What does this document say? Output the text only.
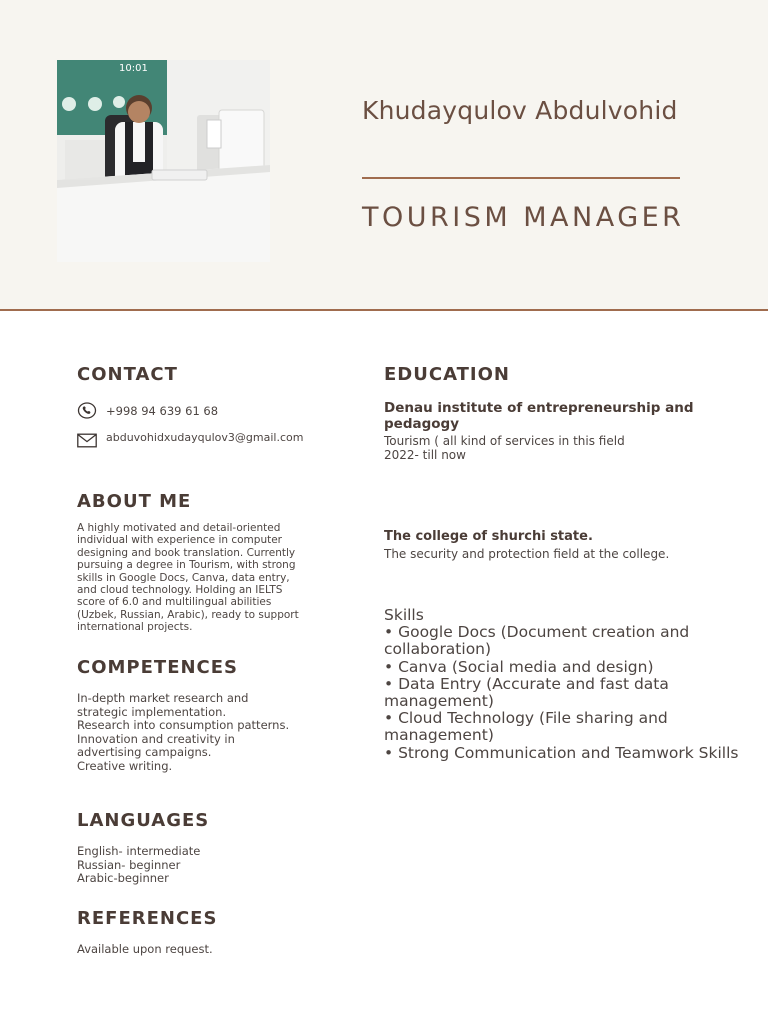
10:01
Khudayqulov Abdulvohid
TOURISM MANAGER
CONTACT
+998 94 639 61 68
abduvohidxudayqulov3@gmail.com
ABOUT ME
A highly motivated and detail-oriented
individual with experience in computer
designing and book translation. Currently
pursuing a degree in Tourism, with strong
skills in Google Docs, Canva, data entry,
and cloud technology. Holding an IELTS
score of 6.0 and multilingual abilities
(Uzbek, Russian, Arabic), ready to support
international projects.
COMPETENCES
In-depth market research and
strategic implementation.
Research into consumption patterns.
Innovation and creativity in
advertising campaigns.
Creative writing.
LANGUAGES
English- intermediate
Russian- beginner
Arabic-beginner
REFERENCES
Available upon request.
EDUCATION
Denau institute of entrepreneurship and
pedagogy
Tourism ( all kind of services in this field
2022- till now
The college of shurchi state.
The security and protection field at the college.
Skills
• Google Docs (Document creation and
collaboration)
• Canva (Social media and design)
• Data Entry (Accurate and fast data
management)
• Cloud Technology (File sharing and
management)
• Strong Communication and Teamwork Skills
